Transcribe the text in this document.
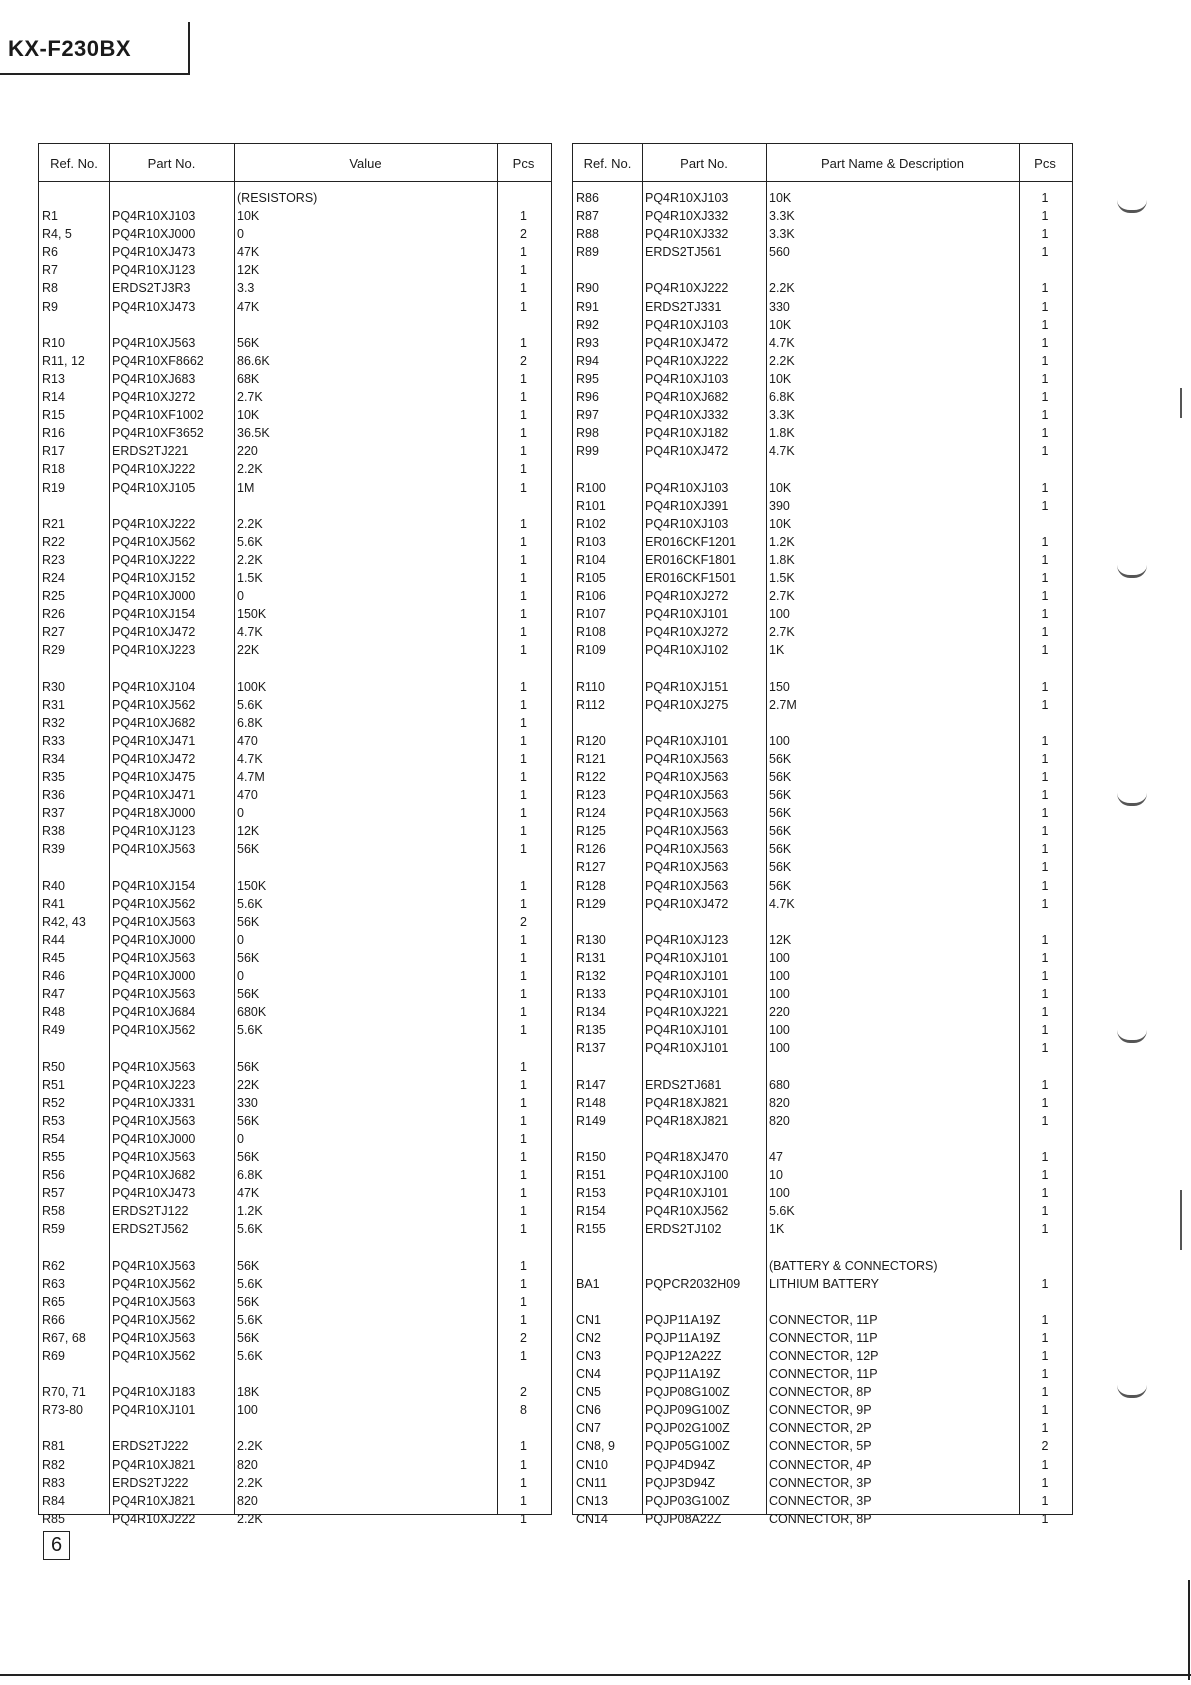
KX-F230BX
Ref. No.	Part No.	Value	Pcs
(RESISTORS)
R1	PQ4R10XJ103	10K	1
R4, 5	PQ4R10XJ000	0	2
R6	PQ4R10XJ473	47K	1
R7	PQ4R10XJ123	12K	1
R8	ERDS2TJ3R3	3.3	1
R9	PQ4R10XJ473	47K	1
R10	PQ4R10XJ563	56K	1
R11, 12	PQ4R10XF8662	86.6K	2
R13	PQ4R10XJ683	68K	1
R14	PQ4R10XJ272	2.7K	1
R15	PQ4R10XF1002	10K	1
R16	PQ4R10XF3652	36.5K	1
R17	ERDS2TJ221	220	1
R18	PQ4R10XJ222	2.2K	1
R19	PQ4R10XJ105	1M	1
R21	PQ4R10XJ222	2.2K	1
R22	PQ4R10XJ562	5.6K	1
R23	PQ4R10XJ222	2.2K	1
R24	PQ4R10XJ152	1.5K	1
R25	PQ4R10XJ000	0	1
R26	PQ4R10XJ154	150K	1
R27	PQ4R10XJ472	4.7K	1
R29	PQ4R10XJ223	22K	1
R30	PQ4R10XJ104	100K	1
R31	PQ4R10XJ562	5.6K	1
R32	PQ4R10XJ682	6.8K	1
R33	PQ4R10XJ471	470	1
R34	PQ4R10XJ472	4.7K	1
R35	PQ4R10XJ475	4.7M	1
R36	PQ4R10XJ471	470	1
R37	PQ4R18XJ000	0	1
R38	PQ4R10XJ123	12K	1
R39	PQ4R10XJ563	56K	1
R40	PQ4R10XJ154	150K	1
R41	PQ4R10XJ562	5.6K	1
R42, 43	PQ4R10XJ563	56K	2
R44	PQ4R10XJ000	0	1
R45	PQ4R10XJ563	56K	1
R46	PQ4R10XJ000	0	1
R47	PQ4R10XJ563	56K	1
R48	PQ4R10XJ684	680K	1
R49	PQ4R10XJ562	5.6K	1
R50	PQ4R10XJ563	56K	1
R51	PQ4R10XJ223	22K	1
R52	PQ4R10XJ331	330	1
R53	PQ4R10XJ563	56K	1
R54	PQ4R10XJ000	0	1
R55	PQ4R10XJ563	56K	1
R56	PQ4R10XJ682	6.8K	1
R57	PQ4R10XJ473	47K	1
R58	ERDS2TJ122	1.2K	1
R59	ERDS2TJ562	5.6K	1
R62	PQ4R10XJ563	56K	1
R63	PQ4R10XJ562	5.6K	1
R65	PQ4R10XJ563	56K	1
R66	PQ4R10XJ562	5.6K	1
R67, 68	PQ4R10XJ563	56K	2
R69	PQ4R10XJ562	5.6K	1
R70, 71	PQ4R10XJ183	18K	2
R73-80	PQ4R10XJ101	100	8
R81	ERDS2TJ222	2.2K	1
R82	PQ4R10XJ821	820	1
R83	ERDS2TJ222	2.2K	1
R84	PQ4R10XJ821	820	1
R85	PQ4R10XJ222	2.2K	1
Ref. No.	Part No.	Part Name & Description	Pcs
R86	PQ4R10XJ103	10K	1
R87	PQ4R10XJ332	3.3K	1
R88	PQ4R10XJ332	3.3K	1
R89	ERDS2TJ561	560	1
R90	PQ4R10XJ222	2.2K	1
R91	ERDS2TJ331	330	1
R92	PQ4R10XJ103	10K	1
R93	PQ4R10XJ472	4.7K	1
R94	PQ4R10XJ222	2.2K	1
R95	PQ4R10XJ103	10K	1
R96	PQ4R10XJ682	6.8K	1
R97	PQ4R10XJ332	3.3K	1
R98	PQ4R10XJ182	1.8K	1
R99	PQ4R10XJ472	4.7K	1
R100	PQ4R10XJ103	10K	1
R101	PQ4R10XJ391	390	1
R102	PQ4R10XJ103	10K
R103	ER016CKF1201	1.2K	1
R104	ER016CKF1801	1.8K	1
R105	ER016CKF1501	1.5K	1
R106	PQ4R10XJ272	2.7K	1
R107	PQ4R10XJ101	100	1
R108	PQ4R10XJ272	2.7K	1
R109	PQ4R10XJ102	1K	1
R110	PQ4R10XJ151	150	1
R112	PQ4R10XJ275	2.7M	1
R120	PQ4R10XJ101	100	1
R121	PQ4R10XJ563	56K	1
R122	PQ4R10XJ563	56K	1
R123	PQ4R10XJ563	56K	1
R124	PQ4R10XJ563	56K	1
R125	PQ4R10XJ563	56K	1
R126	PQ4R10XJ563	56K	1
R127	PQ4R10XJ563	56K	1
R128	PQ4R10XJ563	56K	1
R129	PQ4R10XJ472	4.7K	1
R130	PQ4R10XJ123	12K	1
R131	PQ4R10XJ101	100	1
R132	PQ4R10XJ101	100	1
R133	PQ4R10XJ101	100	1
R134	PQ4R10XJ221	220	1
R135	PQ4R10XJ101	100	1
R137	PQ4R10XJ101	100	1
R147	ERDS2TJ681	680	1
R148	PQ4R18XJ821	820	1
R149	PQ4R18XJ821	820	1
R150	PQ4R18XJ470	47	1
R151	PQ4R10XJ100	10	1
R153	PQ4R10XJ101	100	1
R154	PQ4R10XJ562	5.6K	1
R155	ERDS2TJ102	1K	1
(BATTERY & CONNECTORS)
BA1	PQPCR2032H09	LITHIUM BATTERY	1
CN1	PQJP11A19Z	CONNECTOR, 11P	1
CN2	PQJP11A19Z	CONNECTOR, 11P	1
CN3	PQJP12A22Z	CONNECTOR, 12P	1
CN4	PQJP11A19Z	CONNECTOR, 11P	1
CN5	PQJP08G100Z	CONNECTOR, 8P	1
CN6	PQJP09G100Z	CONNECTOR, 9P	1
CN7	PQJP02G100Z	CONNECTOR, 2P	1
CN8, 9	PQJP05G100Z	CONNECTOR, 5P	2
CN10	PQJP4D94Z	CONNECTOR, 4P	1
CN11	PQJP3D94Z	CONNECTOR, 3P	1
CN13	PQJP03G100Z	CONNECTOR, 3P	1
CN14	PQJP08A22Z	CONNECTOR, 8P	1
6
